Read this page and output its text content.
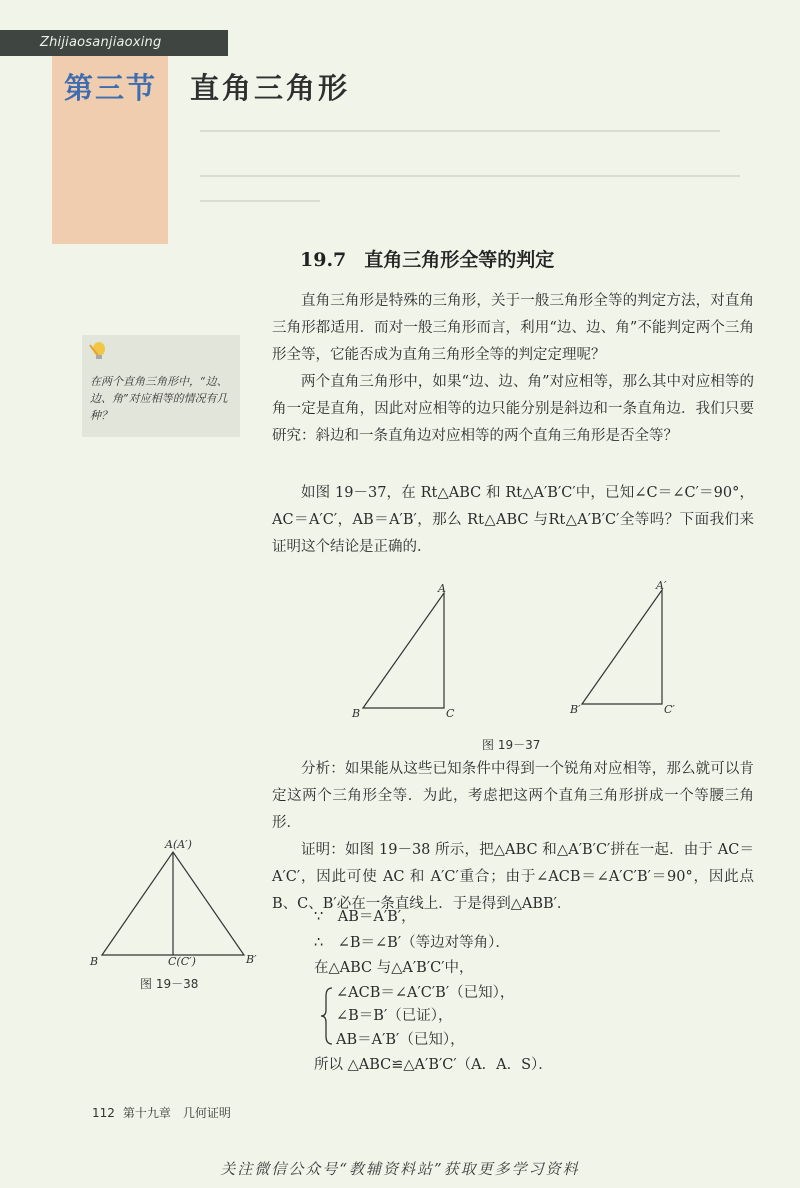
Zhijiaosanjiaoxing
第三节 直角三角形
19.7 直角三角形全等的判定

直角三角形是特殊的三角形，关于一般三角形全等的判定方法，对直角三角形都适用．而对一般三角形而言，利用“边、边、角”不能判定两个三角形全等，它能否成为直角三角形全等的判定定理呢？

两个直角三角形中，如果“边、边、角”对应相等，那么其中对应相等的角一定是直角，因此对应相等的边只能分别是斜边和一条直角边．我们只要研究：斜边和一条直角边对应相等的两个直角三角形是否全等？

在两个直角三角形中，“边、边、角”对应相等的情况有几种？

如图 19－37，在 Rt△ABC 和 Rt△A′B′C′中，已知∠C＝∠C′＝90°，AC＝A′C′，AB＝A′B′，那么 Rt△ABC 与Rt△A′B′C′全等吗？下面我们来证明这个结论是正确的．

A
B	C
A′
B′	C′
图 19－37

分析：如果能从这些已知条件中得到一个锐角对应相等，那么就可以肯定这两个三角形全等．为此，考虑把这两个直角三角形拼成一个等腰三角形．

证明：如图 19－38 所示，把△ABC 和△A′B′C′拼在一起．由于 AC＝A′C′，因此可使 AC 和 A′C′重合；由于∠ACB＝∠A′C′B′＝90°，因此点 B、C、B′必在一条直线上．于是得到△ABB′．

A(A′)
B	C(C′)	B′
图 19－38
∵　AB＝A′B′，
∴　∠B＝∠B′（等边对等角）．
在△ABC 与△A′B′C′中，
∠ACB＝∠A′C′B′（已知），
∠B＝B′（已证），
AB＝A′B′（已知），
所以 △ABC≌△A′B′C′（A．A．S）．
112 第十九章　几何证明
关注微信公众号“教辅资料站”获取更多学习资料
